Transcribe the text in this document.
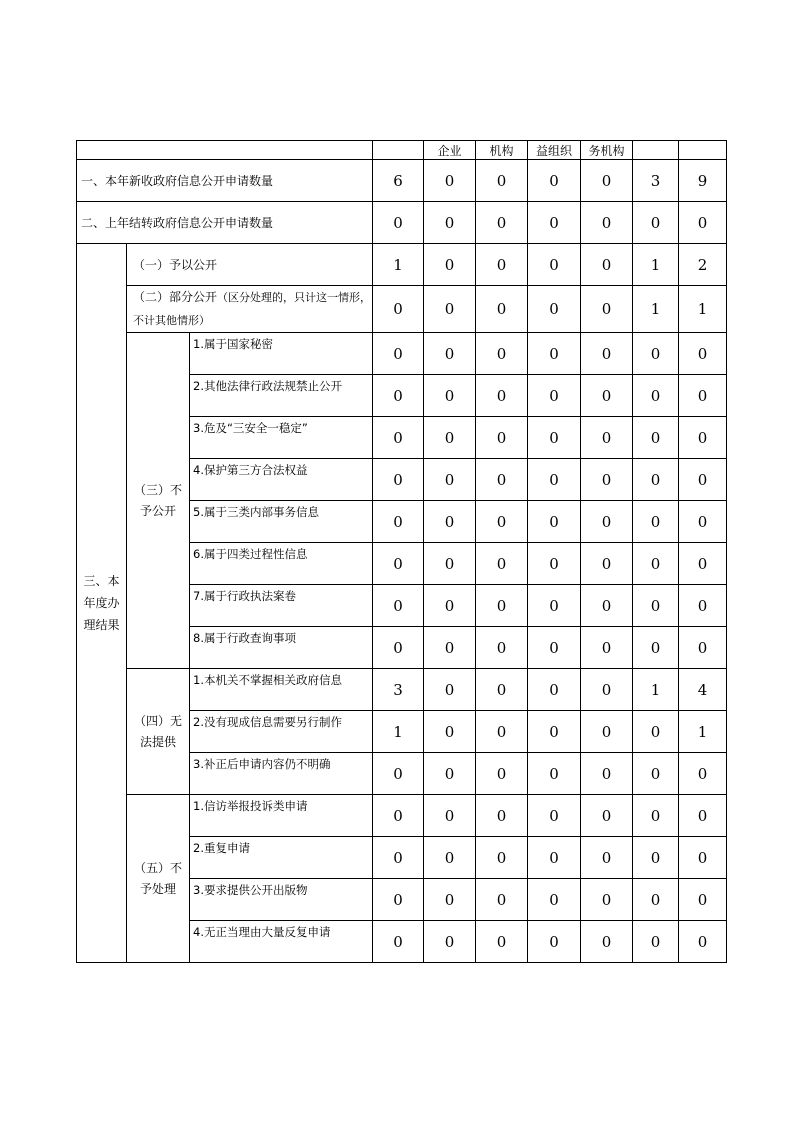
				企业	机构	益组织	务机构		
一、本年新收政府信息公开申请数量			6	0	0	0	0	3	9
二、上年结转政府信息公开申请数量			0	0	0	0	0	0	0
三、本年度办理结果	（一）予以公开		1	0	0	0	0	1	2
	（二）部分公开（区分处理的，只计这一情形，不计其他情形）		0	0	0	0	0	1	1
	（三）不予公开	1.属于国家秘密	0	0	0	0	0	0	0
		2.其他法律行政法规禁止公开	0	0	0	0	0	0	0
		3.危及“三安全一稳定”	0	0	0	0	0	0	0
		4.保护第三方合法权益	0	0	0	0	0	0	0
		5.属于三类内部事务信息	0	0	0	0	0	0	0
		6.属于四类过程性信息	0	0	0	0	0	0	0
		7.属于行政执法案卷	0	0	0	0	0	0	0
		8.属于行政查询事项	0	0	0	0	0	0	0
	（四）无法提供	1.本机关不掌握相关政府信息	3	0	0	0	0	1	4
		2.没有现成信息需要另行制作	1	0	0	0	0	0	1
		3.补正后申请内容仍不明确	0	0	0	0	0	0	0
	（五）不予处理	1.信访举报投诉类申请	0	0	0	0	0	0	0
		2.重复申请	0	0	0	0	0	0	0
		3.要求提供公开出版物	0	0	0	0	0	0	0
		4.无正当理由大量反复申请	0	0	0	0	0	0	0
